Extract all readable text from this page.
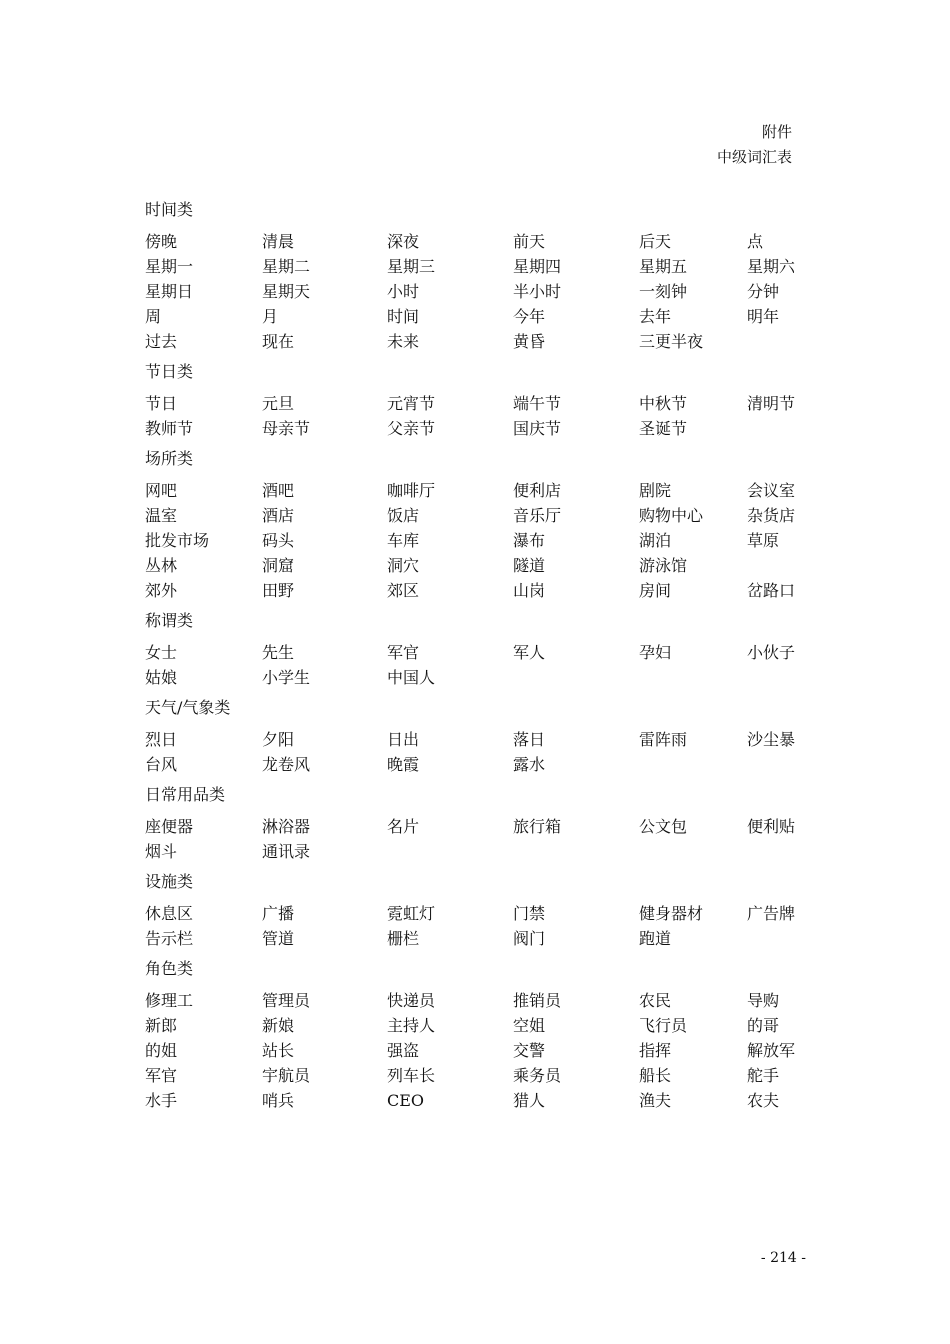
附件
中级词汇表
时间类
傍晚	清晨	深夜	前天	后天	点
星期一	星期二	星期三	星期四	星期五	星期六
星期日	星期天	小时	半小时	一刻钟	分钟
周	月	时间	今年	去年	明年
过去	现在	未来	黄昏	三更半夜
节日类
节日	元旦	元宵节	端午节	中秋节	清明节
教师节	母亲节	父亲节	国庆节	圣诞节
场所类
网吧	酒吧	咖啡厅	便利店	剧院	会议室
温室	酒店	饭店	音乐厅	购物中心	杂货店
批发市场	码头	车库	瀑布	湖泊	草原
丛林	洞窟	洞穴	隧道	游泳馆
郊外	田野	郊区	山岗	房间	岔路口
称谓类
女士	先生	军官	军人	孕妇	小伙子
姑娘	小学生	中国人
天气/气象类
烈日	夕阳	日出	落日	雷阵雨	沙尘暴
台风	龙卷风	晚霞	露水
日常用品类
座便器	淋浴器	名片	旅行箱	公文包	便利贴
烟斗	通讯录
设施类
休息区	广播	霓虹灯	门禁	健身器材	广告牌
告示栏	管道	栅栏	阀门	跑道
角色类
修理工	管理员	快递员	推销员	农民	导购
新郎	新娘	主持人	空姐	飞行员	的哥
的姐	站长	强盗	交警	指挥	解放军
军官	宇航员	列车长	乘务员	船长	舵手
水手	哨兵	CEO	猎人	渔夫	农夫
- 214 -
